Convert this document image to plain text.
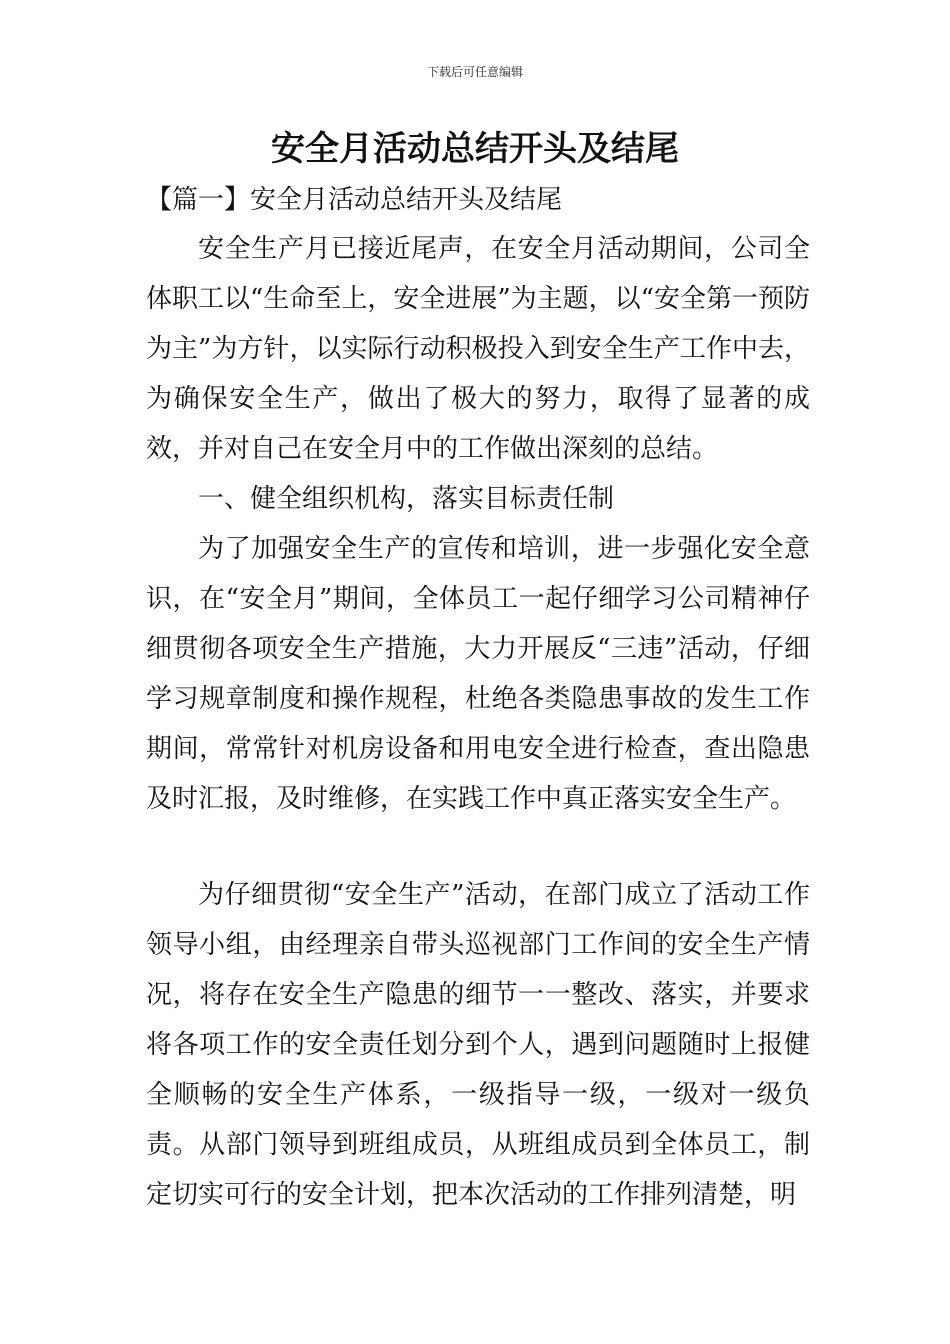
下载后可任意编辑
安全月活动总结开头及结尾
【篇一】安全月活动总结开头及结尾

安全生产月已接近尾声，在安全月活动期间，公司全体职工以“生命至上，安全进展”为主题，以“安全第一预防为主”为方针，以实际行动积极投入到安全生产工作中去，为确保安全生产，做出了极大的努力，取得了显著的成效，并对自己在安全月中的工作做出深刻的总结。

一、健全组织机构，落实目标责任制

为了加强安全生产的宣传和培训，进一步强化安全意识，在“安全月”期间，全体员工一起仔细学习公司精神仔细贯彻各项安全生产措施，大力开展反“三违”活动，仔细学习规章制度和操作规程，杜绝各类隐患事故的发生工作期间，常常针对机房设备和用电安全进行检查，查出隐患及时汇报，及时维修，在实践工作中真正落实安全生产。

为仔细贯彻“安全生产”活动，在部门成立了活动工作领导小组，由经理亲自带头巡视部门工作间的安全生产情况，将存在安全生产隐患的细节一一整改、落实，并要求将各项工作的安全责任划分到个人，遇到问题随时上报健全顺畅的安全生产体系，一级指导一级，一级对一级负责。从部门领导到班组成员，从班组成员到全体员工，制定切实可行的安全计划，把本次活动的工作排列清楚，明
